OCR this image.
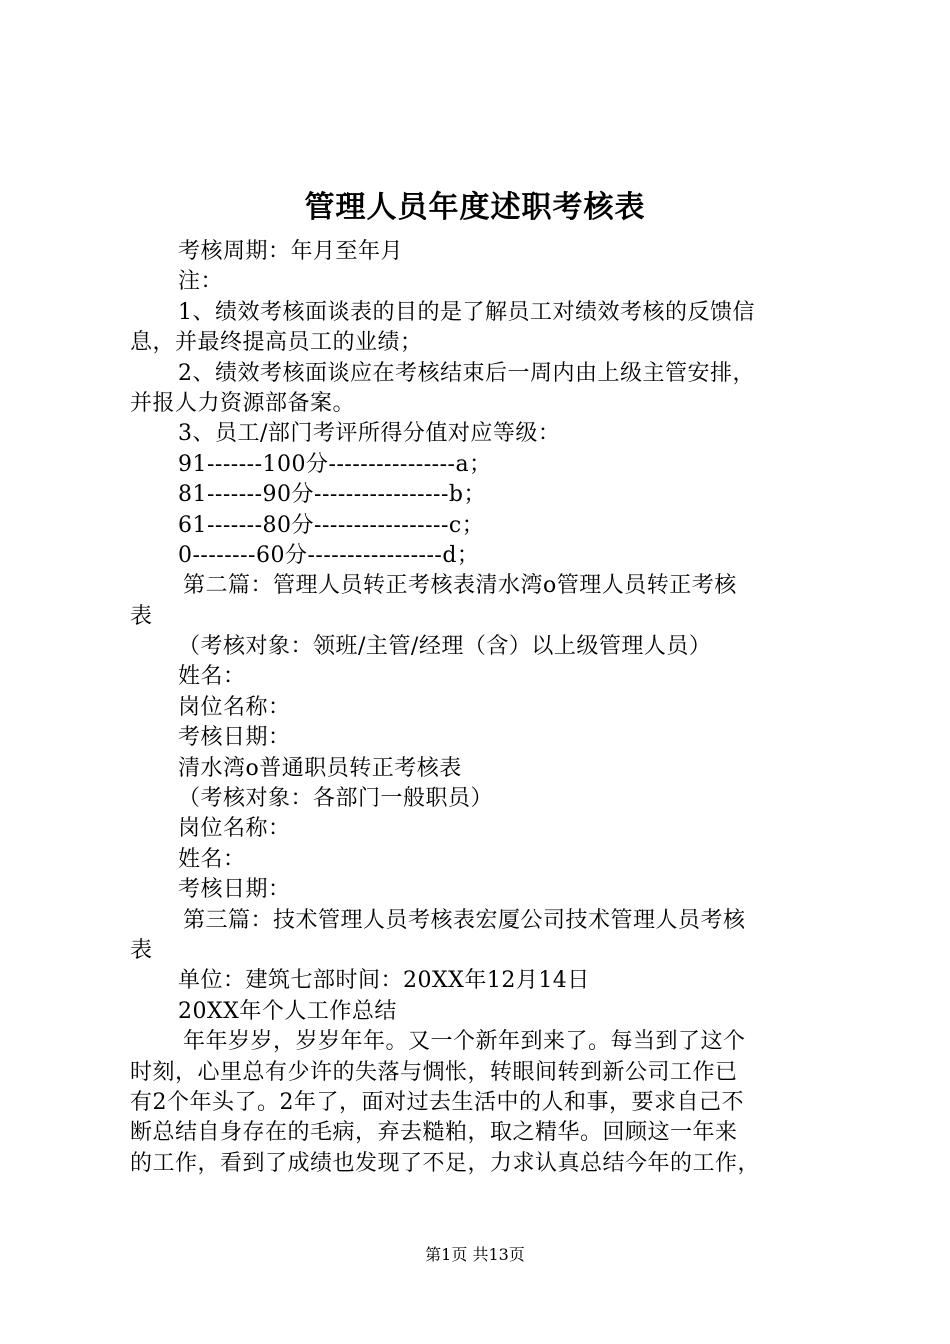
管理人员年度述职考核表
考核周期：年月至年月
注：
1、绩效考核面谈表的目的是了解员工对绩效考核的反馈信
息，并最终提高员工的业绩；
2、绩效考核面谈应在考核结束后一周内由上级主管安排，
并报人力资源部备案。
3、员工/部门考评所得分值对应等级：
91-------100分----------------a；
81-------90分-----------------b；
61-------80分-----------------c；
0--------60分-----------------d；
第二篇：管理人员转正考核表清水湾o管理人员转正考核
表
（考核对象：领班/主管/经理（含）以上级管理人员）
姓名：
岗位名称：
考核日期：
清水湾o普通职员转正考核表
（考核对象：各部门一般职员）
岗位名称：
姓名：
考核日期：
第三篇：技术管理人员考核表宏厦公司技术管理人员考核
表
单位：建筑七部时间：20XX年12月14日
20XX年个人工作总结
年年岁岁，岁岁年年。又一个新年到来了。每当到了这个
时刻，心里总有少许的失落与惆怅，转眼间转到新公司工作已
有2个年头了。2年了，面对过去生活中的人和事，要求自己不
断总结自身存在的毛病，弃去糙粕，取之精华。回顾这一年来
的工作，看到了成绩也发现了不足，力求认真总结今年的工作，
第1页 共13页
